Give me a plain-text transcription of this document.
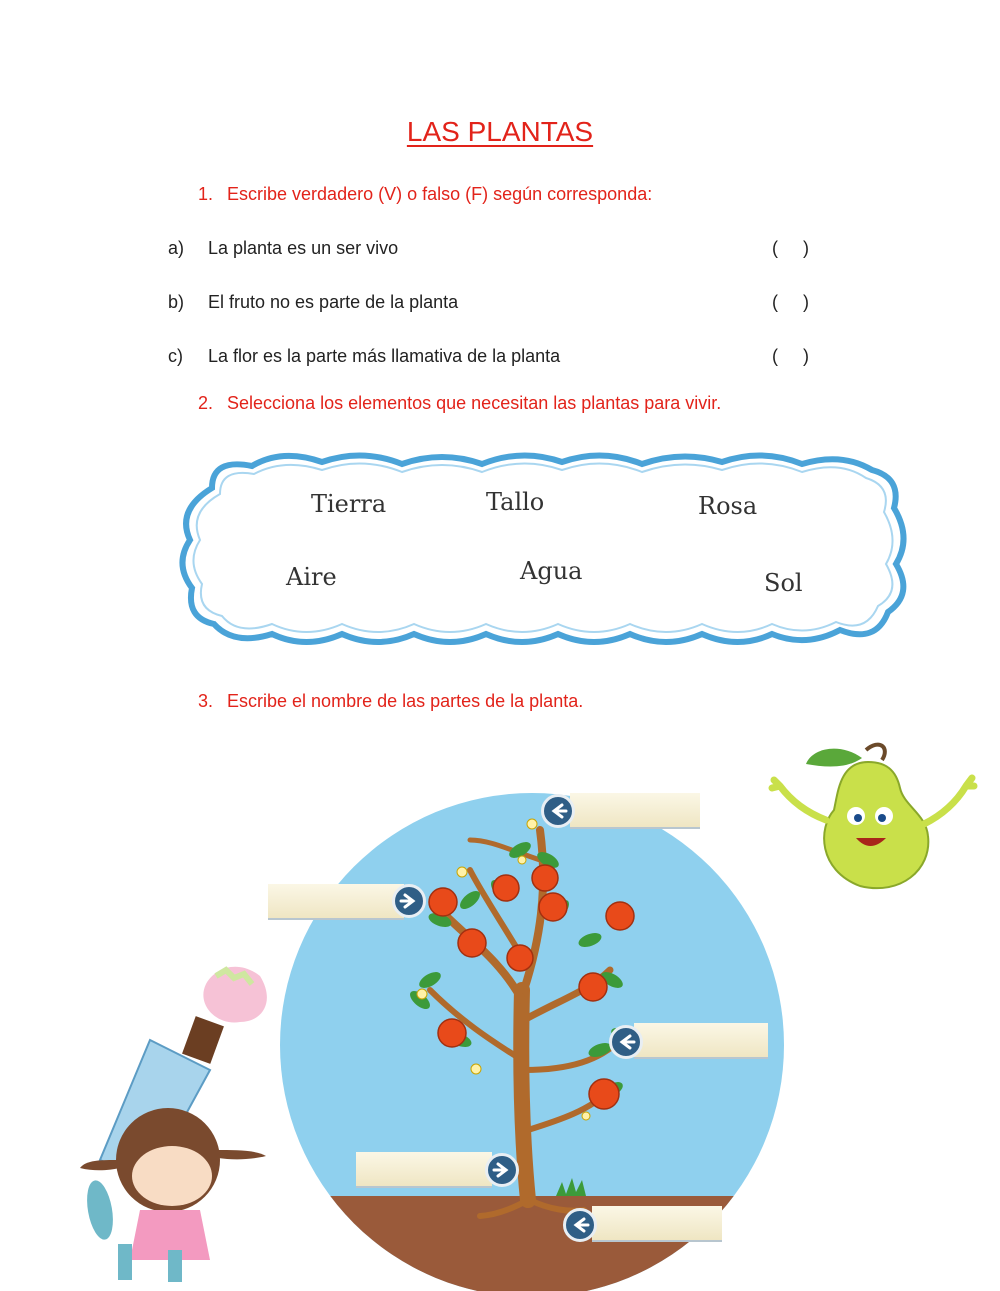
LAS PLANTAS
1. Escribe verdadero (V) o falso (F) según corresponda:
a) La planta es un ser vivo	(     )
b) El fruto no es parte de la planta	(     )
c) La flor es la parte más llamativa de la planta	(     )
2. Selecciona los elementos que necesitan las plantas para vivir.
Tierra	Tallo	Rosa
Aire	Agua	Sol
3. Escribe el nombre de las partes de la planta.
